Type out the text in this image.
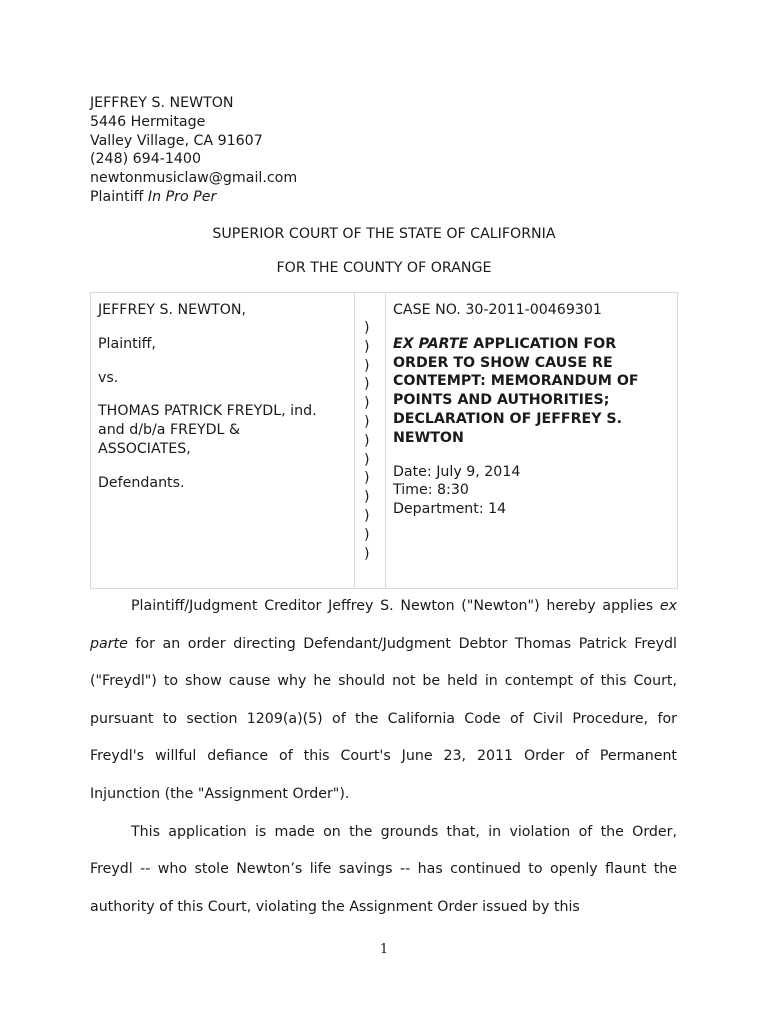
JEFFREY S. NEWTON
5446 Hermitage
Valley Village, CA 91607
(248) 694-1400
newtonmusiclaw@gmail.com
Plaintiff In Pro Per
SUPERIOR COURT OF THE STATE OF CALIFORNIA
FOR THE COUNTY OF ORANGE

JEFFREY S. NEWTON,

Plaintiff,

vs.

THOMAS PATRICK FREYDL, ind.
and d/b/a FREYDL &
ASSOCIATES,

Defendants.

)
)
)
)
)
)
)
)
)
)
)
)
)
CASE NO. 30-2011-00469301
EX PARTE APPLICATION FOR
ORDER TO SHOW CAUSE RE
CONTEMPT: MEMORANDUM OF
POINTS AND AUTHORITIES;
DECLARATION OF JEFFREY S.
NEWTON
Date: July 9, 2014
Time: 8:30
Department: 14

Plaintiff/Judgment Creditor Jeffrey S. Newton ("Newton") hereby applies ex parte for an order directing Defendant/Judgment Debtor Thomas Patrick Freydl ("Freydl") to show cause why he should not be held in contempt of this Court, pursuant to section 1209(a)(5) of the California Code of Civil Procedure, for Freydl's willful defiance of this Court's June 23, 2011 Order of Permanent Injunction (the "Assignment Order").

This application is made on the grounds that, in violation of the Order, Freydl -- who stole Newton’s life savings -- has continued to openly flaunt the authority of this Court, violating the Assignment Order issued by this

1
